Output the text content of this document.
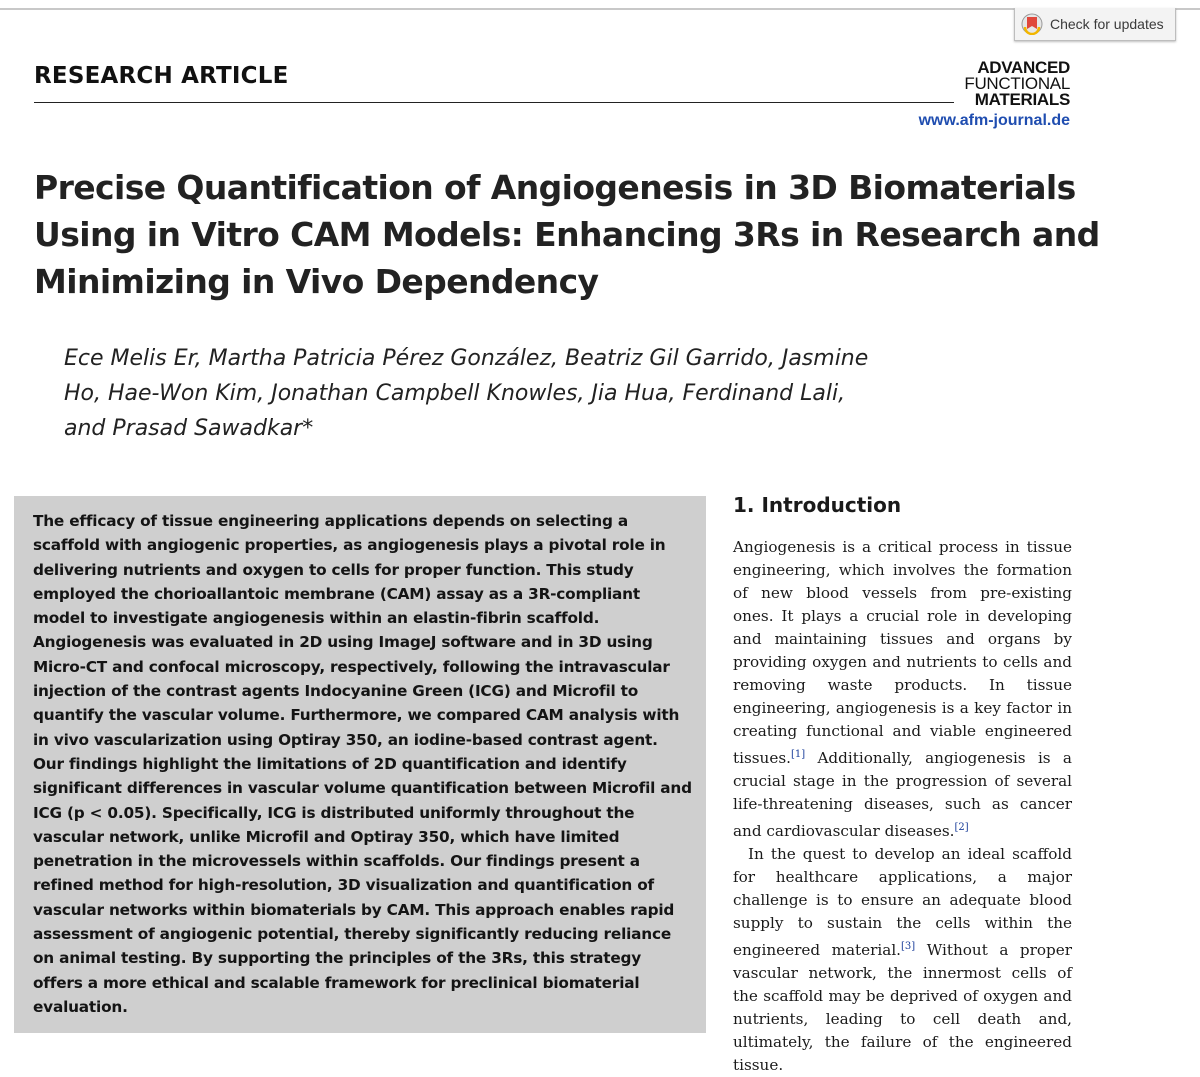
Check for updates
RESEARCH ARTICLE	ADVANCED
FUNCTIONAL
MATERIALS
www.afm-journal.de
Precise Quantification of Angiogenesis in 3D Biomaterials Using in Vitro CAM Models: Enhancing 3Rs in Research and Minimizing in Vivo Dependency
Ece Melis Er, Martha Patricia Pérez González, Beatriz Gil Garrido, Jasmine Ho, Hae-Won Kim, Jonathan Campbell Knowles, Jia Hua, Ferdinand Lali, and Prasad Sawadkar*

The efficacy of tissue engineering applications depends on selecting a scaffold with angiogenic properties, as angiogenesis plays a pivotal role in delivering nutrients and oxygen to cells for proper function. This study employed the chorioallantoic membrane (CAM) assay as a 3R-compliant model to investigate angiogenesis within an elastin-fibrin scaffold. Angiogenesis was evaluated in 2D using ImageJ software and in 3D using Micro-CT and confocal microscopy, respectively, following the intravascular injection of the contrast agents Indocyanine Green (ICG) and Microfil to quantify the vascular volume. Furthermore, we compared CAM analysis with in vivo vascularization using Optiray 350, an iodine-based contrast agent. Our findings highlight the limitations of 2D quantification and identify significant differences in vascular volume quantification between Microfil and ICG (p < 0.05). Specifically, ICG is distributed uniformly throughout the vascular network, unlike Microfil and Optiray 350, which have limited penetration in the microvessels within scaffolds. Our findings present a refined method for high-resolution, 3D visualization and quantification of vascular networks within biomaterials by CAM. This approach enables rapid assessment of angiogenic potential, thereby significantly reducing reliance on animal testing. By supporting the principles of the 3Rs, this strategy offers a more ethical and scalable framework for preclinical biomaterial evaluation.

1. Introduction

Angiogenesis is a critical process in tissue engineering, which involves the formation of new blood vessels from pre-existing ones. It plays a crucial role in developing and maintaining tissues and organs by providing oxygen and nutrients to cells and removing waste products. In tissue engineering, angiogenesis is a key factor in creating functional and viable engineered tissues.[1] Additionally, angiogenesis is a crucial stage in the progression of several life-threatening diseases, such as cancer and cardiovascular diseases.[2]

In the quest to develop an ideal scaffold for healthcare applications, a major challenge is to ensure an adequate blood supply to sustain the cells within the engineered material.[3] Without a proper vascular network, the innermost cells of the scaffold may be deprived of oxygen and nutrients, leading to cell death and, ultimately, the failure of the engineered tissue.
